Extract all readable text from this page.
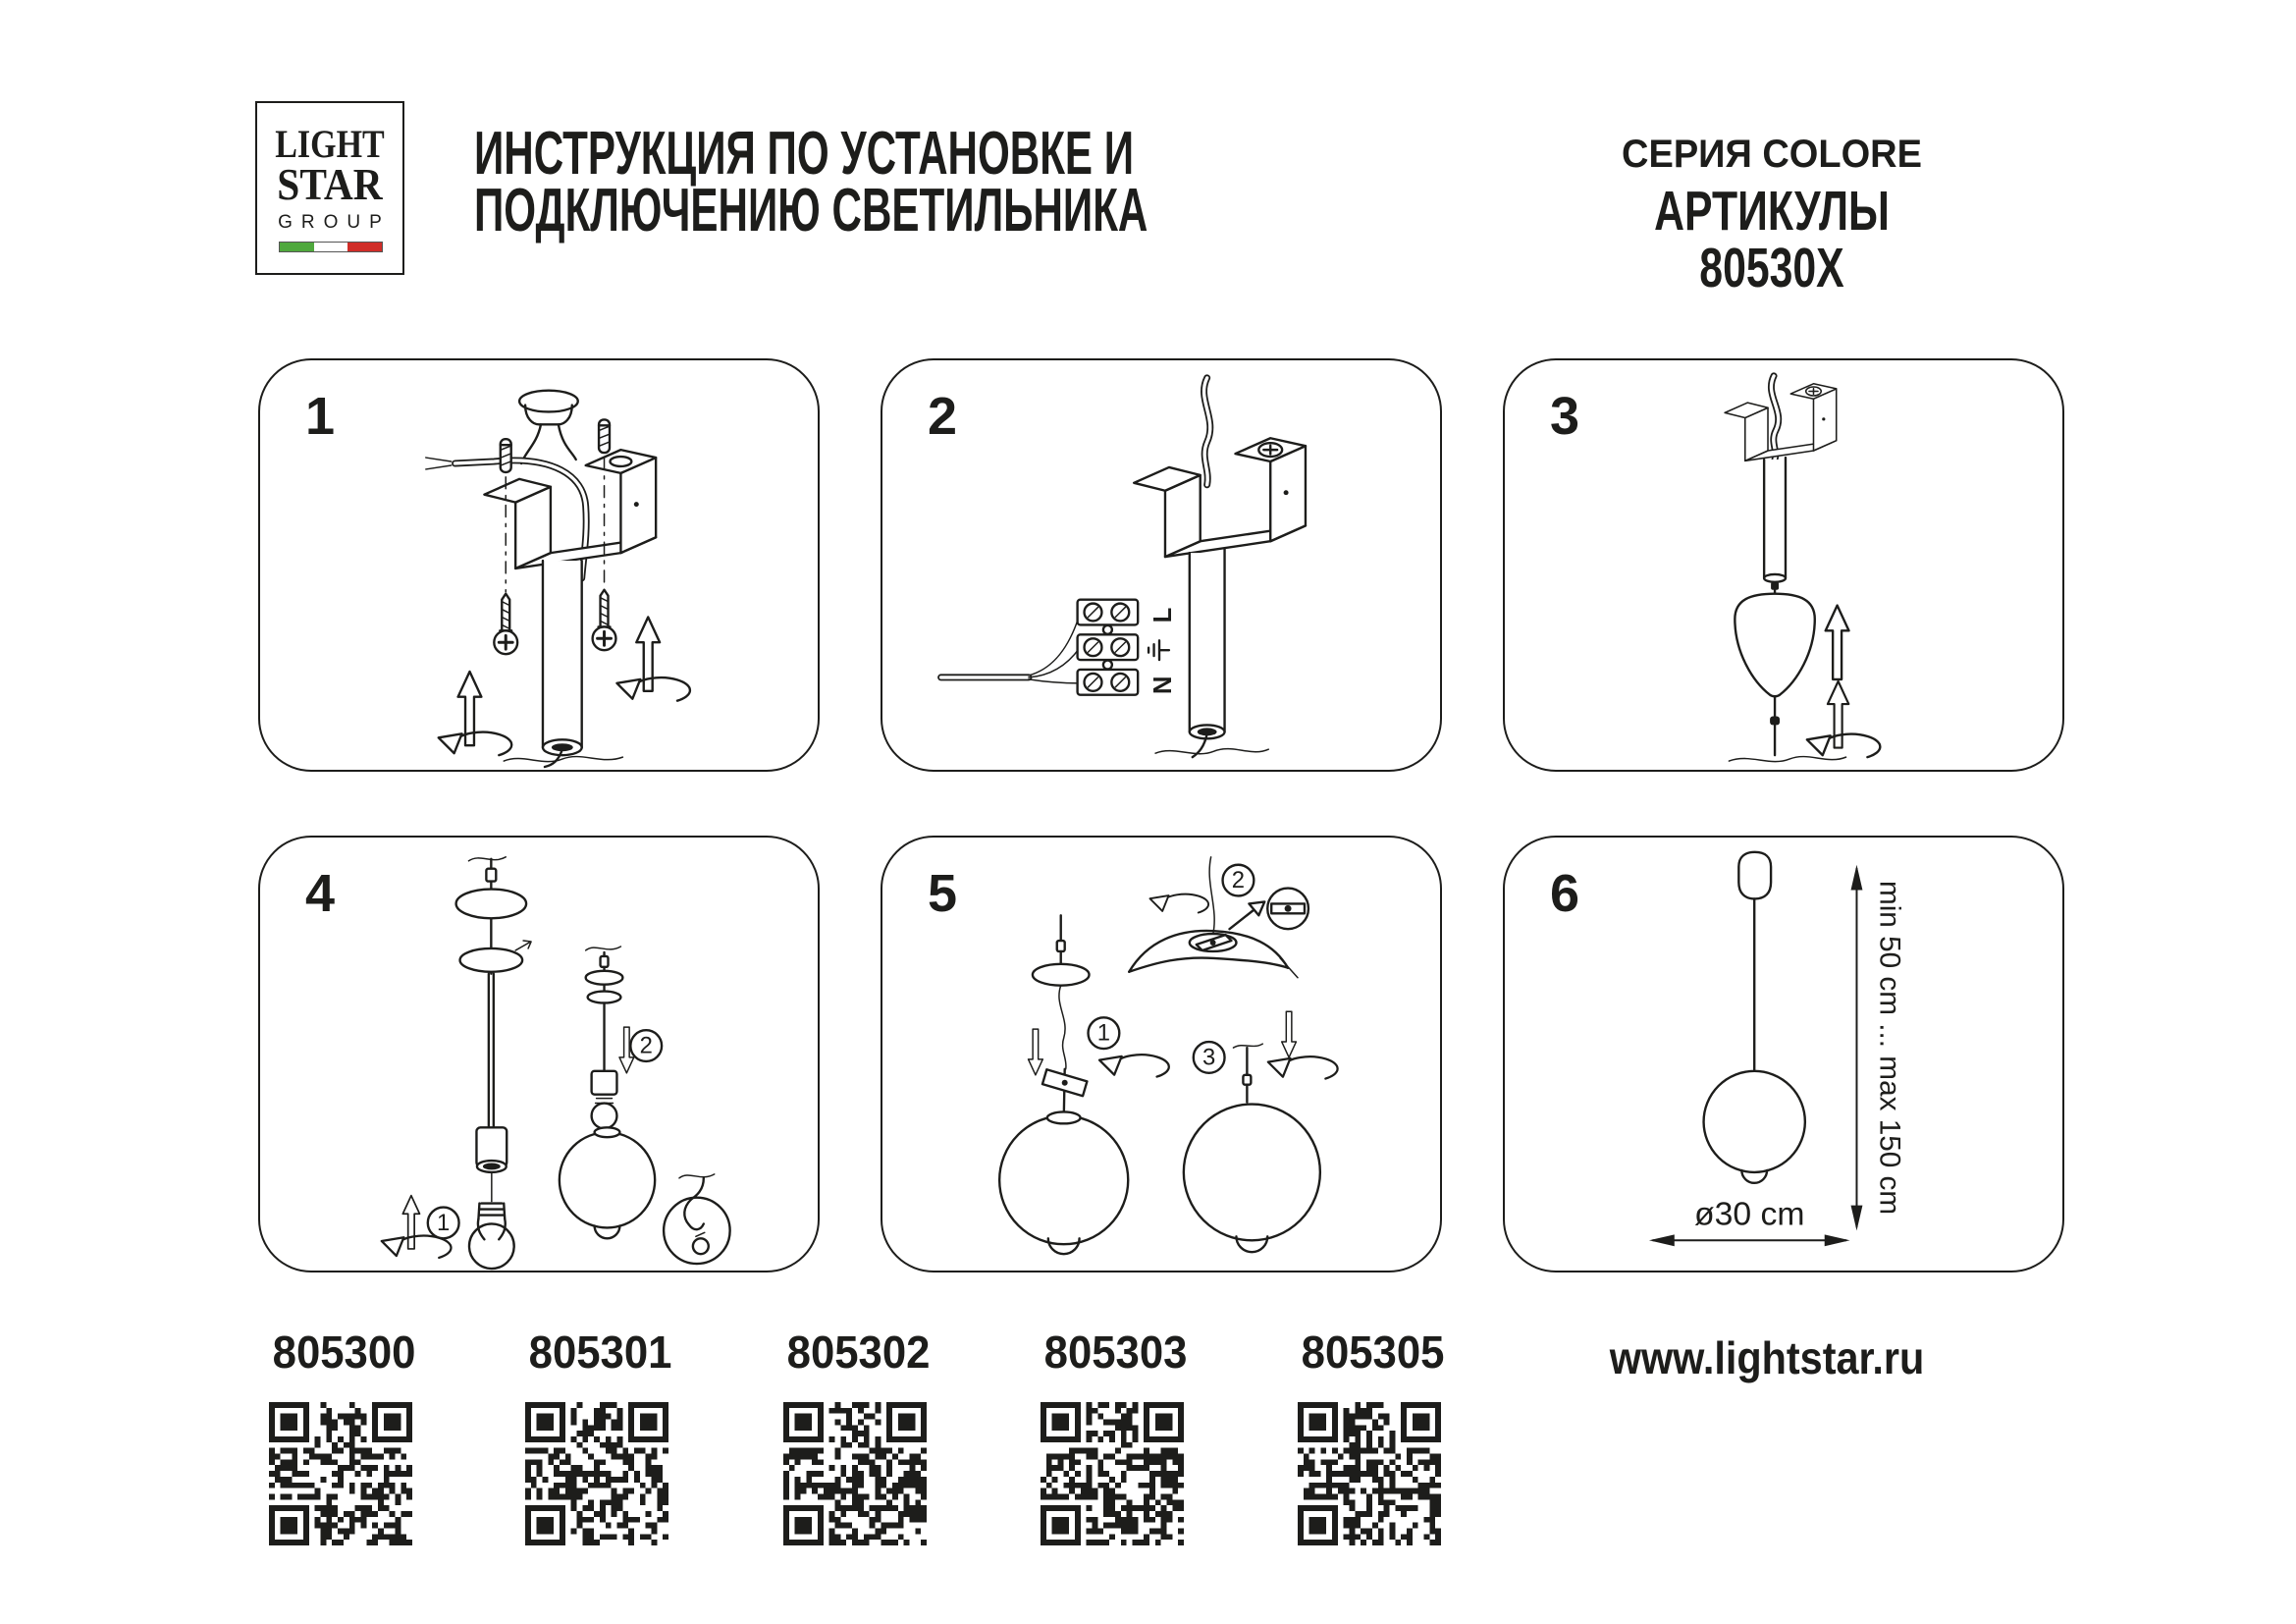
LIGHT
STAR
GROUP
ИНСТРУКЦИЯ ПО УСТАНОВКЕ И
ПОДКЛЮЧЕНИЮ СВЕТИЛЬНИКА
СЕРИЯ COLORE
АРТИКУЛЫ 80530X
1
L
N
2	3
1
2
4
1
2
3
5	min 50 cm ... max 150 cm
ø30 cm
6
805300	805301	805302	805303	805305	www.lightstar.ru
